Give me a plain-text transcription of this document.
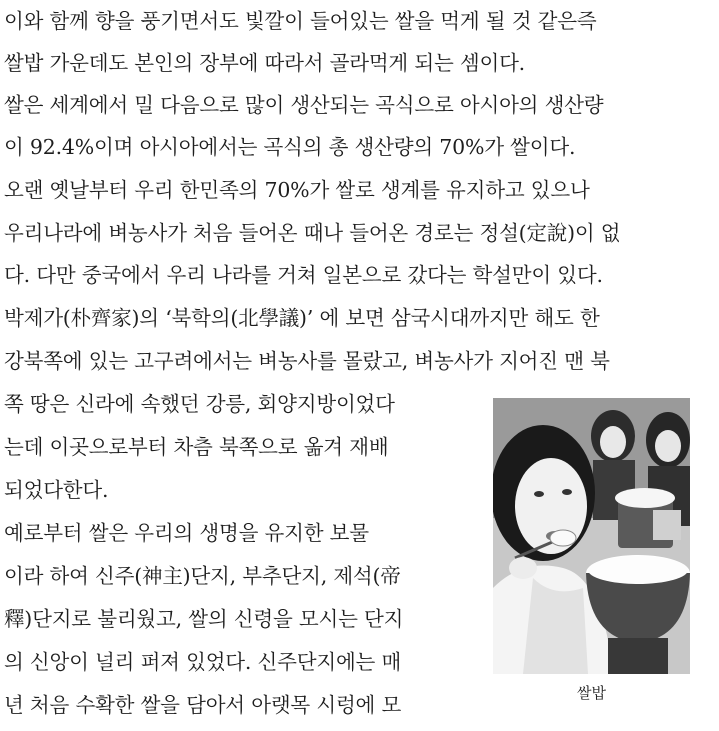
이와 함께 향을 풍기면서도 빛깔이 들어있는 쌀을 먹게 될 것 같은즉
쌀밥 가운데도 본인의 장부에 따라서 골라먹게 되는 셈이다.
쌀은 세계에서 밀 다음으로 많이 생산되는 곡식으로 아시아의 생산량
이 92.4%이며 아시아에서는 곡식의 총 생산량의 70%가 쌀이다.
오랜 옛날부터 우리 한민족의 70%가 쌀로 생계를 유지하고 있으나
우리나라에 벼농사가 처음 들어온 때나 들어온 경로는 정설(定說)이 없
다. 다만 중국에서 우리 나라를 거쳐 일본으로 갔다는 학설만이 있다.
박제가(朴齊家)의 ‘북학의(北學議)’ 에 보면 삼국시대까지만 해도 한
강북쪽에 있는 고구려에서는 벼농사를 몰랐고, 벼농사가 지어진 맨 북
쪽 땅은 신라에 속했던 강릉, 회양지방이었다
는데 이곳으로부터 차츰 북쪽으로 옮겨 재배
되었다한다.
예로부터 쌀은 우리의 생명을 유지한 보물
이라 하여 신주(神主)단지, 부추단지, 제석(帝
釋)단지로 불리웠고, 쌀의 신령을 모시는 단지
의 신앙이 널리 퍼져 있었다. 신주단지에는 매
년 처음 수확한 쌀을 담아서 아랫목 시렁에 모	쌀밥
